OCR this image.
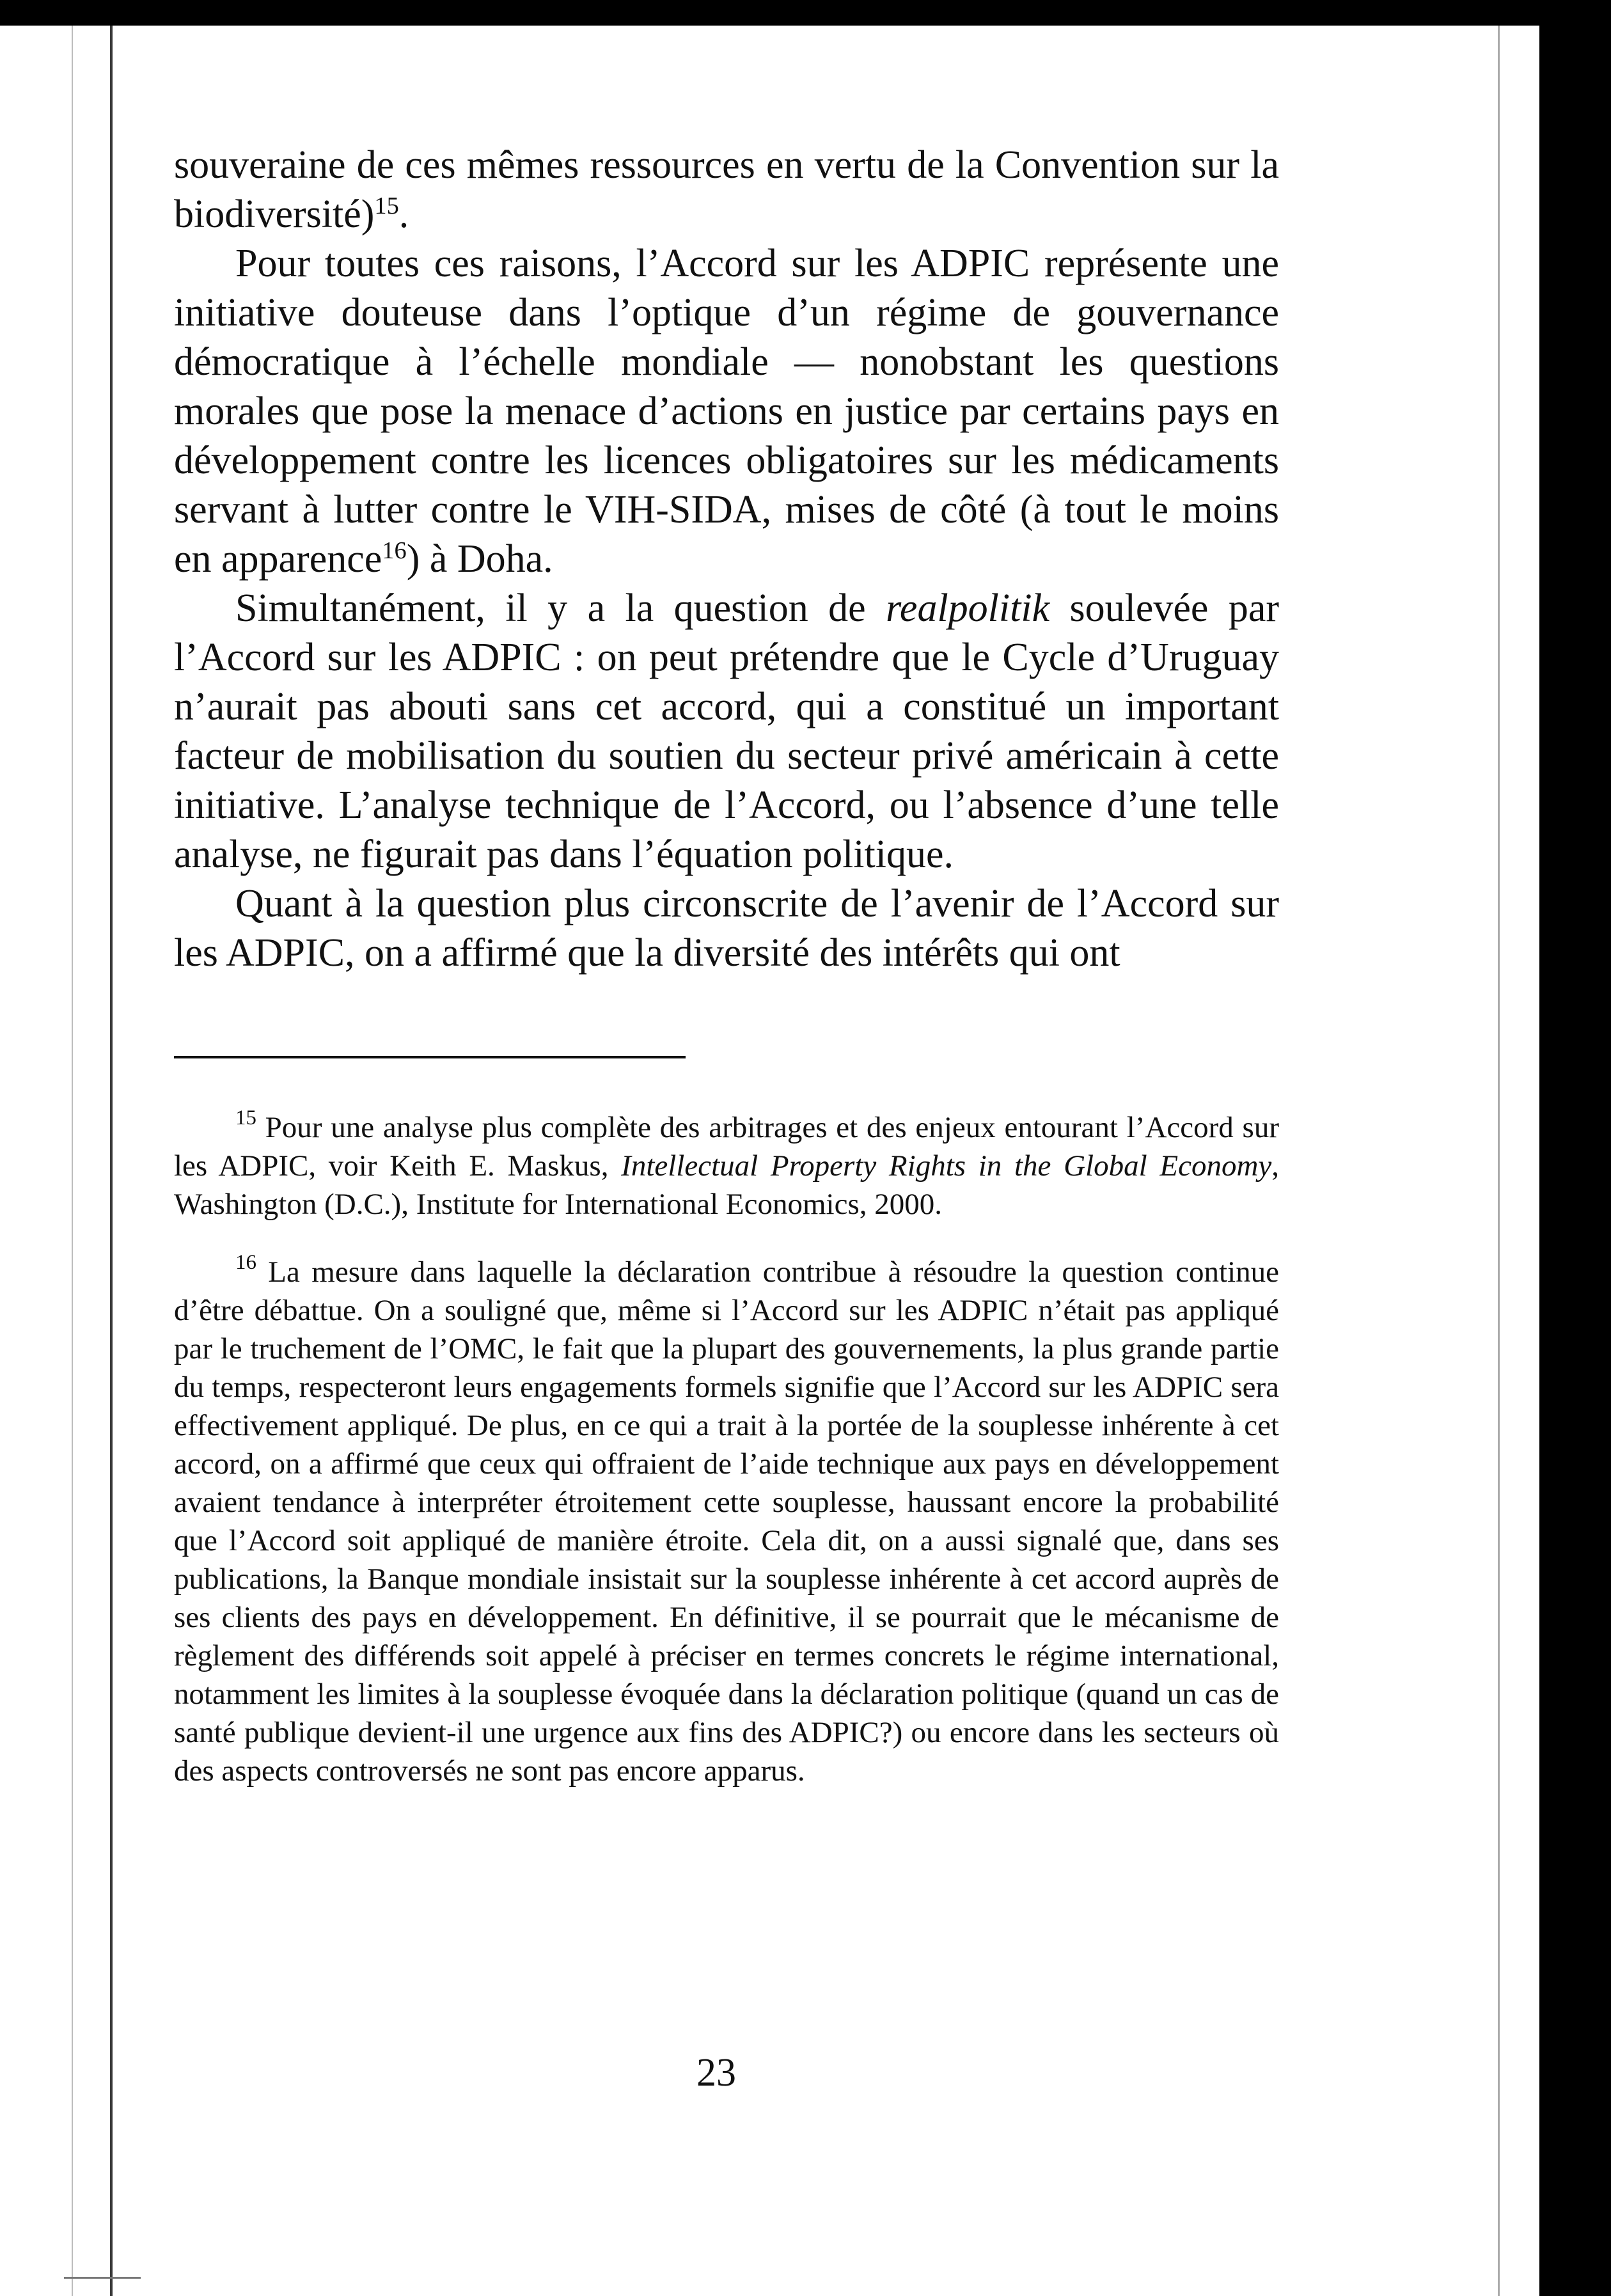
souveraine de ces mêmes ressources en vertu de la Convention sur la biodiversité)$^{15}$.

Pour toutes ces raisons, l’Accord sur les ADPIC représente une initiative douteuse dans l’optique d’un régime de gouvernance démocratique à l’échelle mondiale — nonobstant les questions morales que pose la menace d’actions en justice par certains pays en développement contre les licences obligatoires sur les médicaments servant à lutter contre le VIH-SIDA, mises de côté (à tout le moins en apparence$^{16}$) à Doha.

Simultanément, il y a la question de realpolitik soulevée par l’Accord sur les ADPIC : on peut prétendre que le Cycle d’Uruguay n’aurait pas abouti sans cet accord, qui a constitué un important facteur de mobilisation du soutien du secteur privé américain à cette initiative. L’analyse technique de l’Accord, ou l’absence d’une telle analyse, ne figurait pas dans l’équation politique.

Quant à la question plus circonscrite de l’avenir de l’Accord sur les ADPIC, on a affirmé que la diversité des intérêts qui ont

$^{15}$ Pour une analyse plus complète des arbitrages et des enjeux entourant l’Accord sur les ADPIC, voir Keith E. Maskus, Intellectual Property Rights in the Global Economy, Washington (D.C.), Institute for International Economics, 2000.

$^{16}$ La mesure dans laquelle la déclaration contribue à résoudre la question continue d’être débattue. On a souligné que, même si l’Accord sur les ADPIC n’était pas appliqué par le truchement de l’OMC, le fait que la plupart des gouvernements, la plus grande partie du temps, respecteront leurs engagements formels signifie que l’Accord sur les ADPIC sera effectivement appliqué. De plus, en ce qui a trait à la portée de la souplesse inhérente à cet accord, on a affirmé que ceux qui offraient de l’aide technique aux pays en développement avaient tendance à interpréter étroitement cette souplesse, haussant encore la probabilité que l’Accord soit appliqué de manière étroite. Cela dit, on a aussi signalé que, dans ses publications, la Banque mondiale insistait sur la souplesse inhérente à cet accord auprès de ses clients des pays en développement. En définitive, il se pourrait que le mécanisme de règlement des différends soit appelé à préciser en termes concrets le régime international, notamment les limites à la souplesse évoquée dans la déclaration politique (quand un cas de santé publique devient-il une urgence aux fins des ADPIC?) ou encore dans les secteurs où des aspects controversés ne sont pas encore apparus.

23
